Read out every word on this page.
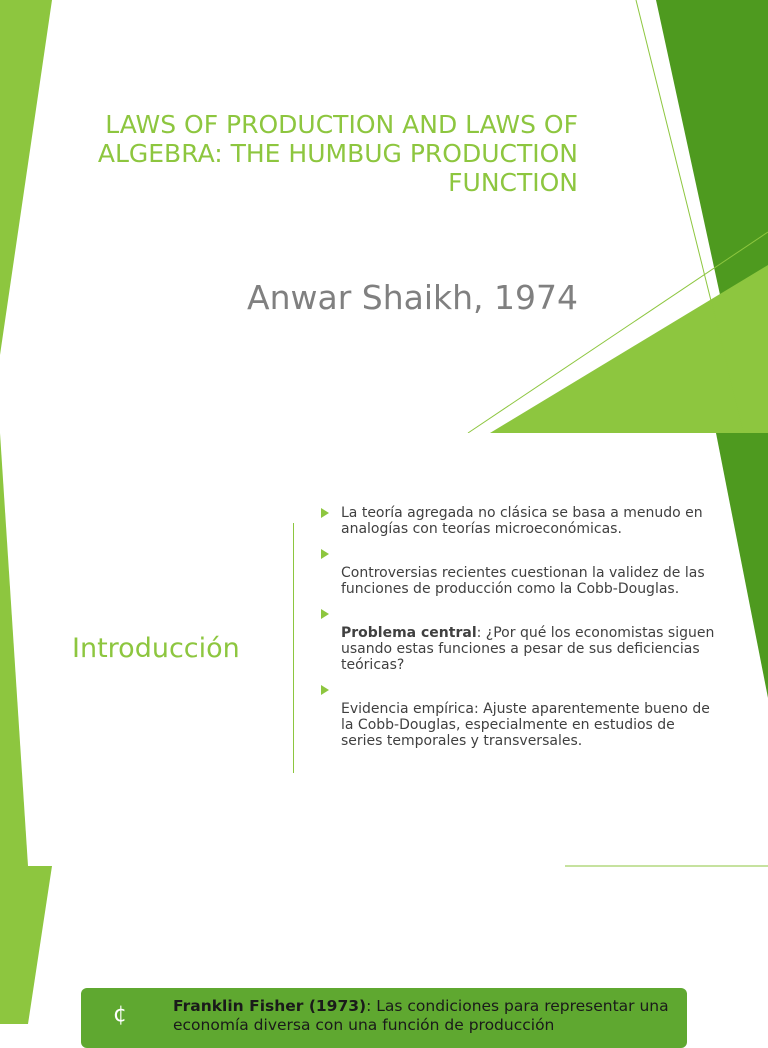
LAWS OF PRODUCTION AND LAWS OF ALGEBRA: THE HUMBUG PRODUCTION FUNCTION
Anwar Shaikh, 1974
Introducción
La teoría agregada no clásica se basa a menudo en analogías con teorías microeconómicas.
Controversias recientes cuestionan la validez de las funciones de producción como la Cobb-Douglas.
Problema central: ¿Por qué los economistas siguen usando estas funciones a pesar de sus deficiencias teóricas?
Evidencia empírica: Ajuste aparentemente bueno de la Cobb-Douglas, especialmente en estudios de series temporales y transversales.
¢	Franklin Fisher (1973): Las condiciones para representar una economía diversa con una función de producción
